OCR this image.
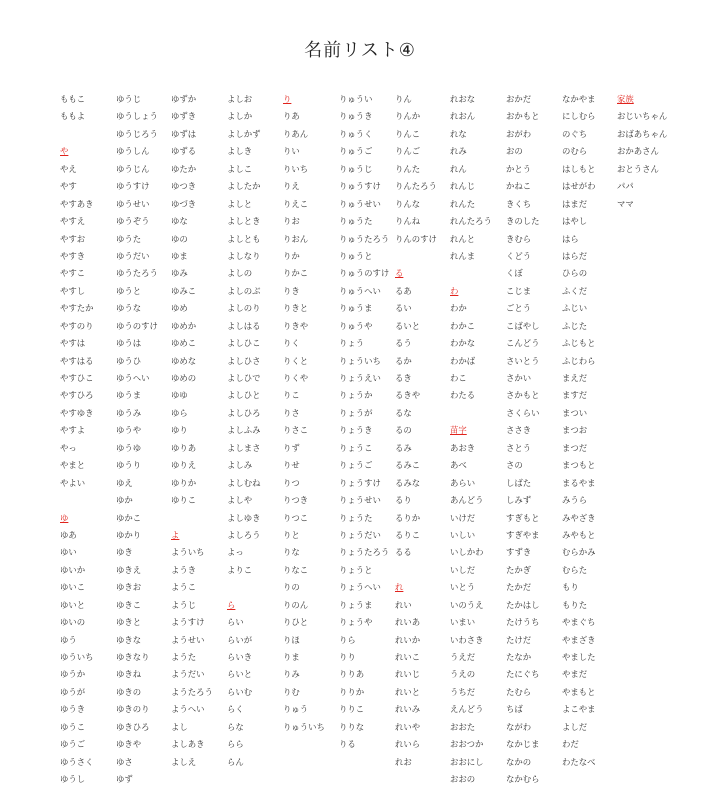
名前リスト④
ももこ
ももよ
や
やえ
やす
やすあき
やすえ
やすお
やすき
やすこ
やすし
やすたか
やすのり
やすは
やすはる
やすひこ
やすひろ
やすゆき
やすよ
やっ
やまと
やよい
ゆ
ゆあ
ゆい
ゆいか
ゆいこ
ゆいと
ゆいの
ゆう
ゆういち
ゆうか
ゆうが
ゆうき
ゆうこ
ゆうご
ゆうさく
ゆうし
ゆうじ
ゆうしょう
ゆうじろう
ゆうしん
ゆうじん
ゆうすけ
ゆうせい
ゆうぞう
ゆうた
ゆうだい
ゆうたろう
ゆうと
ゆうな
ゆうのすけ
ゆうは
ゆうひ
ゆうへい
ゆうま
ゆうみ
ゆうや
ゆうゆ
ゆうり
ゆえ
ゆか
ゆかこ
ゆかり
ゆき
ゆきえ
ゆきお
ゆきこ
ゆきと
ゆきな
ゆきなり
ゆきね
ゆきの
ゆきのり
ゆきひろ
ゆきや
ゆさ
ゆず
ゆずか
ゆずき
ゆずは
ゆずる
ゆたか
ゆつき
ゆづき
ゆな
ゆの
ゆま
ゆみ
ゆみこ
ゆめ
ゆめか
ゆめこ
ゆめな
ゆめの
ゆゆ
ゆら
ゆり
ゆりあ
ゆりえ
ゆりか
ゆりこ
よ
よういち
ようき
ようこ
ようじ
ようすけ
ようせい
ようた
ようだい
ようたろう
ようへい
よし
よしあき
よしえ
よしお
よしか
よしかず
よしき
よしこ
よしたか
よしと
よしとき
よしとも
よしなり
よしの
よしのぶ
よしのり
よしはる
よしひこ
よしひさ
よしひで
よしひと
よしひろ
よしふみ
よしまさ
よしみ
よしむね
よしや
よしゆき
よしろう
よっ
よりこ
ら
らい
らいが
らいき
らいと
らいむ
らく
らな
らら
らん
り
りあ
りあん
りい
りいち
りえ
りえこ
りお
りおん
りか
りかこ
りき
りきと
りきや
りく
りくと
りくや
りこ
りさ
りさこ
りず
りせ
りつ
りつき
りつこ
りと
りな
りなこ
りの
りのん
りひと
りほ
りま
りみ
りむ
りゅう
りゅういち
りゅうい
りゅうき
りゅうく
りゅうご
りゅうじ
りゅうすけ
りゅうせい
りゅうた
りゅうたろう
りゅうと
りゅうのすけ
りゅうへい
りゅうま
りゅうや
りょう
りょういち
りょうえい
りょうか
りょうが
りょうき
りょうこ
りょうご
りょうすけ
りょうせい
りょうた
りょうだい
りょうたろう
りょうと
りょうへい
りょうま
りょうや
りら
りり
りりあ
りりか
りりこ
りりな
りる
りん
りんか
りんこ
りんご
りんた
りんたろう
りんな
りんね
りんのすけ
る
るあ
るい
るいと
るう
るか
るき
るきや
るな
るの
るみ
るみこ
るみな
るり
るりか
るりこ
るる
れ
れい
れいあ
れいか
れいこ
れいじ
れいと
れいみ
れいや
れいら
れお
れおな
れおん
れな
れみ
れん
れんじ
れんた
れんたろう
れんと
れんま
わ
わか
わかこ
わかな
わかば
わこ
わたる
苗字
あおき
あべ
あらい
あんどう
いけだ
いしい
いしかわ
いしだ
いとう
いのうえ
いまい
いわさき
うえだ
うえの
うちだ
えんどう
おおた
おおつか
おおにし
おおの
おかだ
おかもと
おがわ
おの
かとう
かねこ
きくち
きのした
きむら
くどう
くぼ
こじま
ごとう
こばやし
こんどう
さいとう
さかい
さかもと
さくらい
ささき
さとう
さの
しばた
しみず
すぎもと
すぎやま
すずき
たかぎ
たかだ
たかはし
たけうち
たけだ
たなか
たにぐち
たむら
ちば
ながわ
なかじま
なかの
なかむら
なかやま
にしむら
のぐち
のむら
はしもと
はせがわ
はまだ
はやし
はら
はらだ
ひらの
ふくだ
ふじい
ふじた
ふじもと
ふじわら
まえだ
ますだ
まつい
まつお
まつだ
まつもと
まるやま
みうら
みやざき
みやもと
むらかみ
むらた
もり
もりた
やまぐち
やまざき
やました
やまだ
やまもと
よこやま
よしだ
わだ
わたなべ
家族
おじいちゃん
おばあちゃん
おかあさん
おとうさん
パパ
ママ
